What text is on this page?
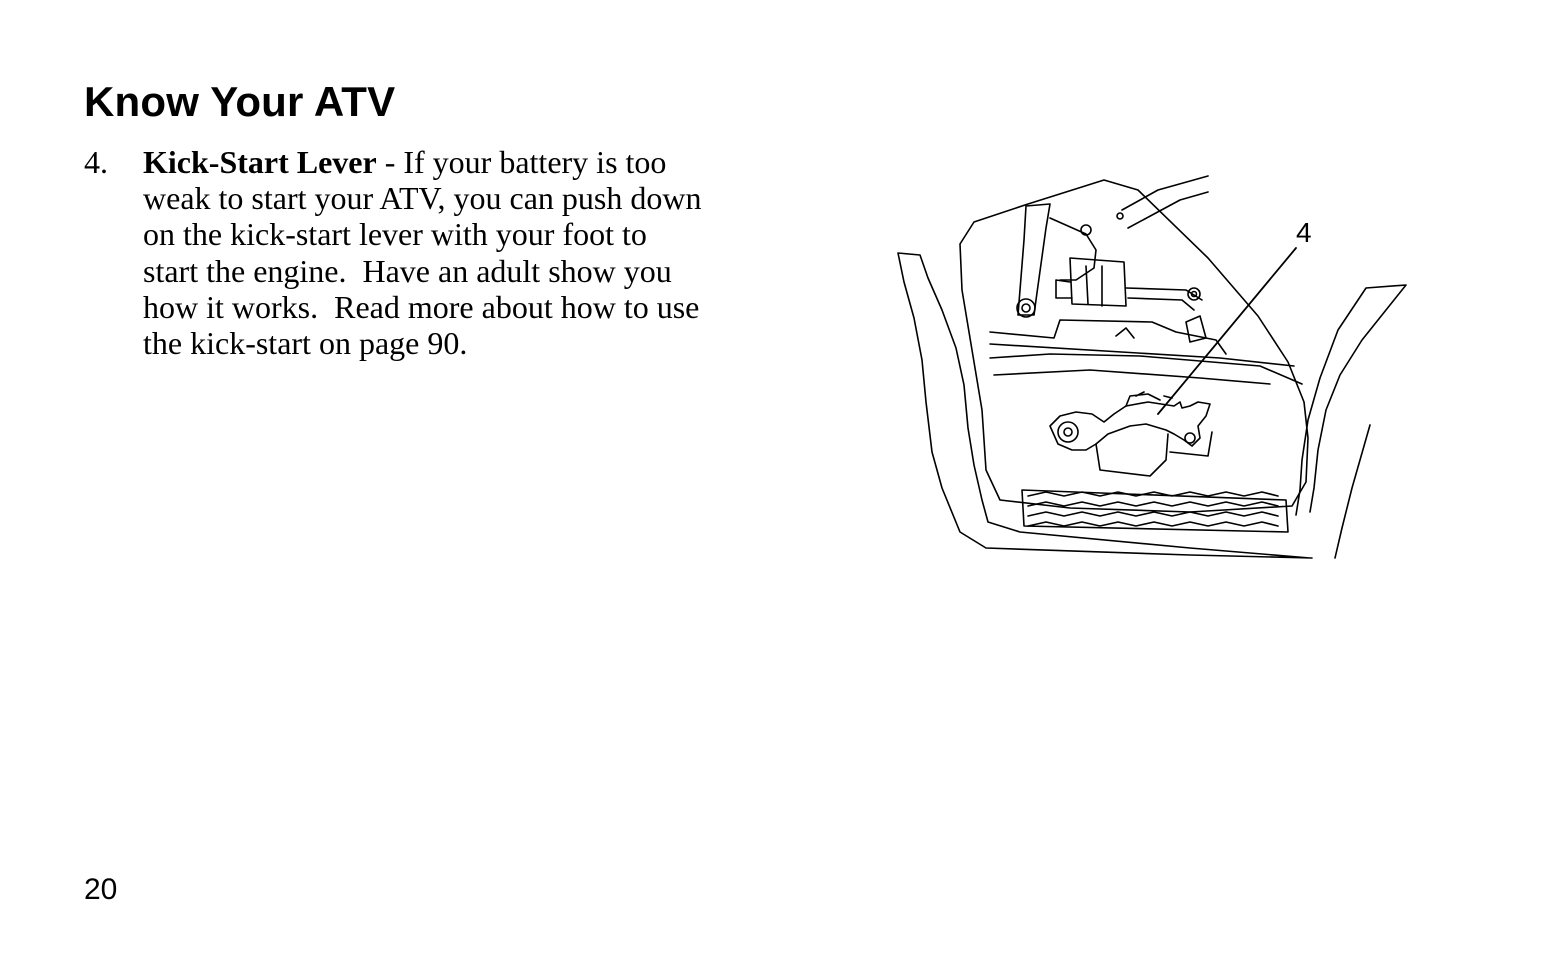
Know Your ATV
4. Kick-Start Lever - If your battery is too
weak to start your ATV, you can push down
on the kick-start lever with your foot to
start the engine.  Have an adult show you
how it works.  Read more about how to use
the kick-start on page 90.
4
20
